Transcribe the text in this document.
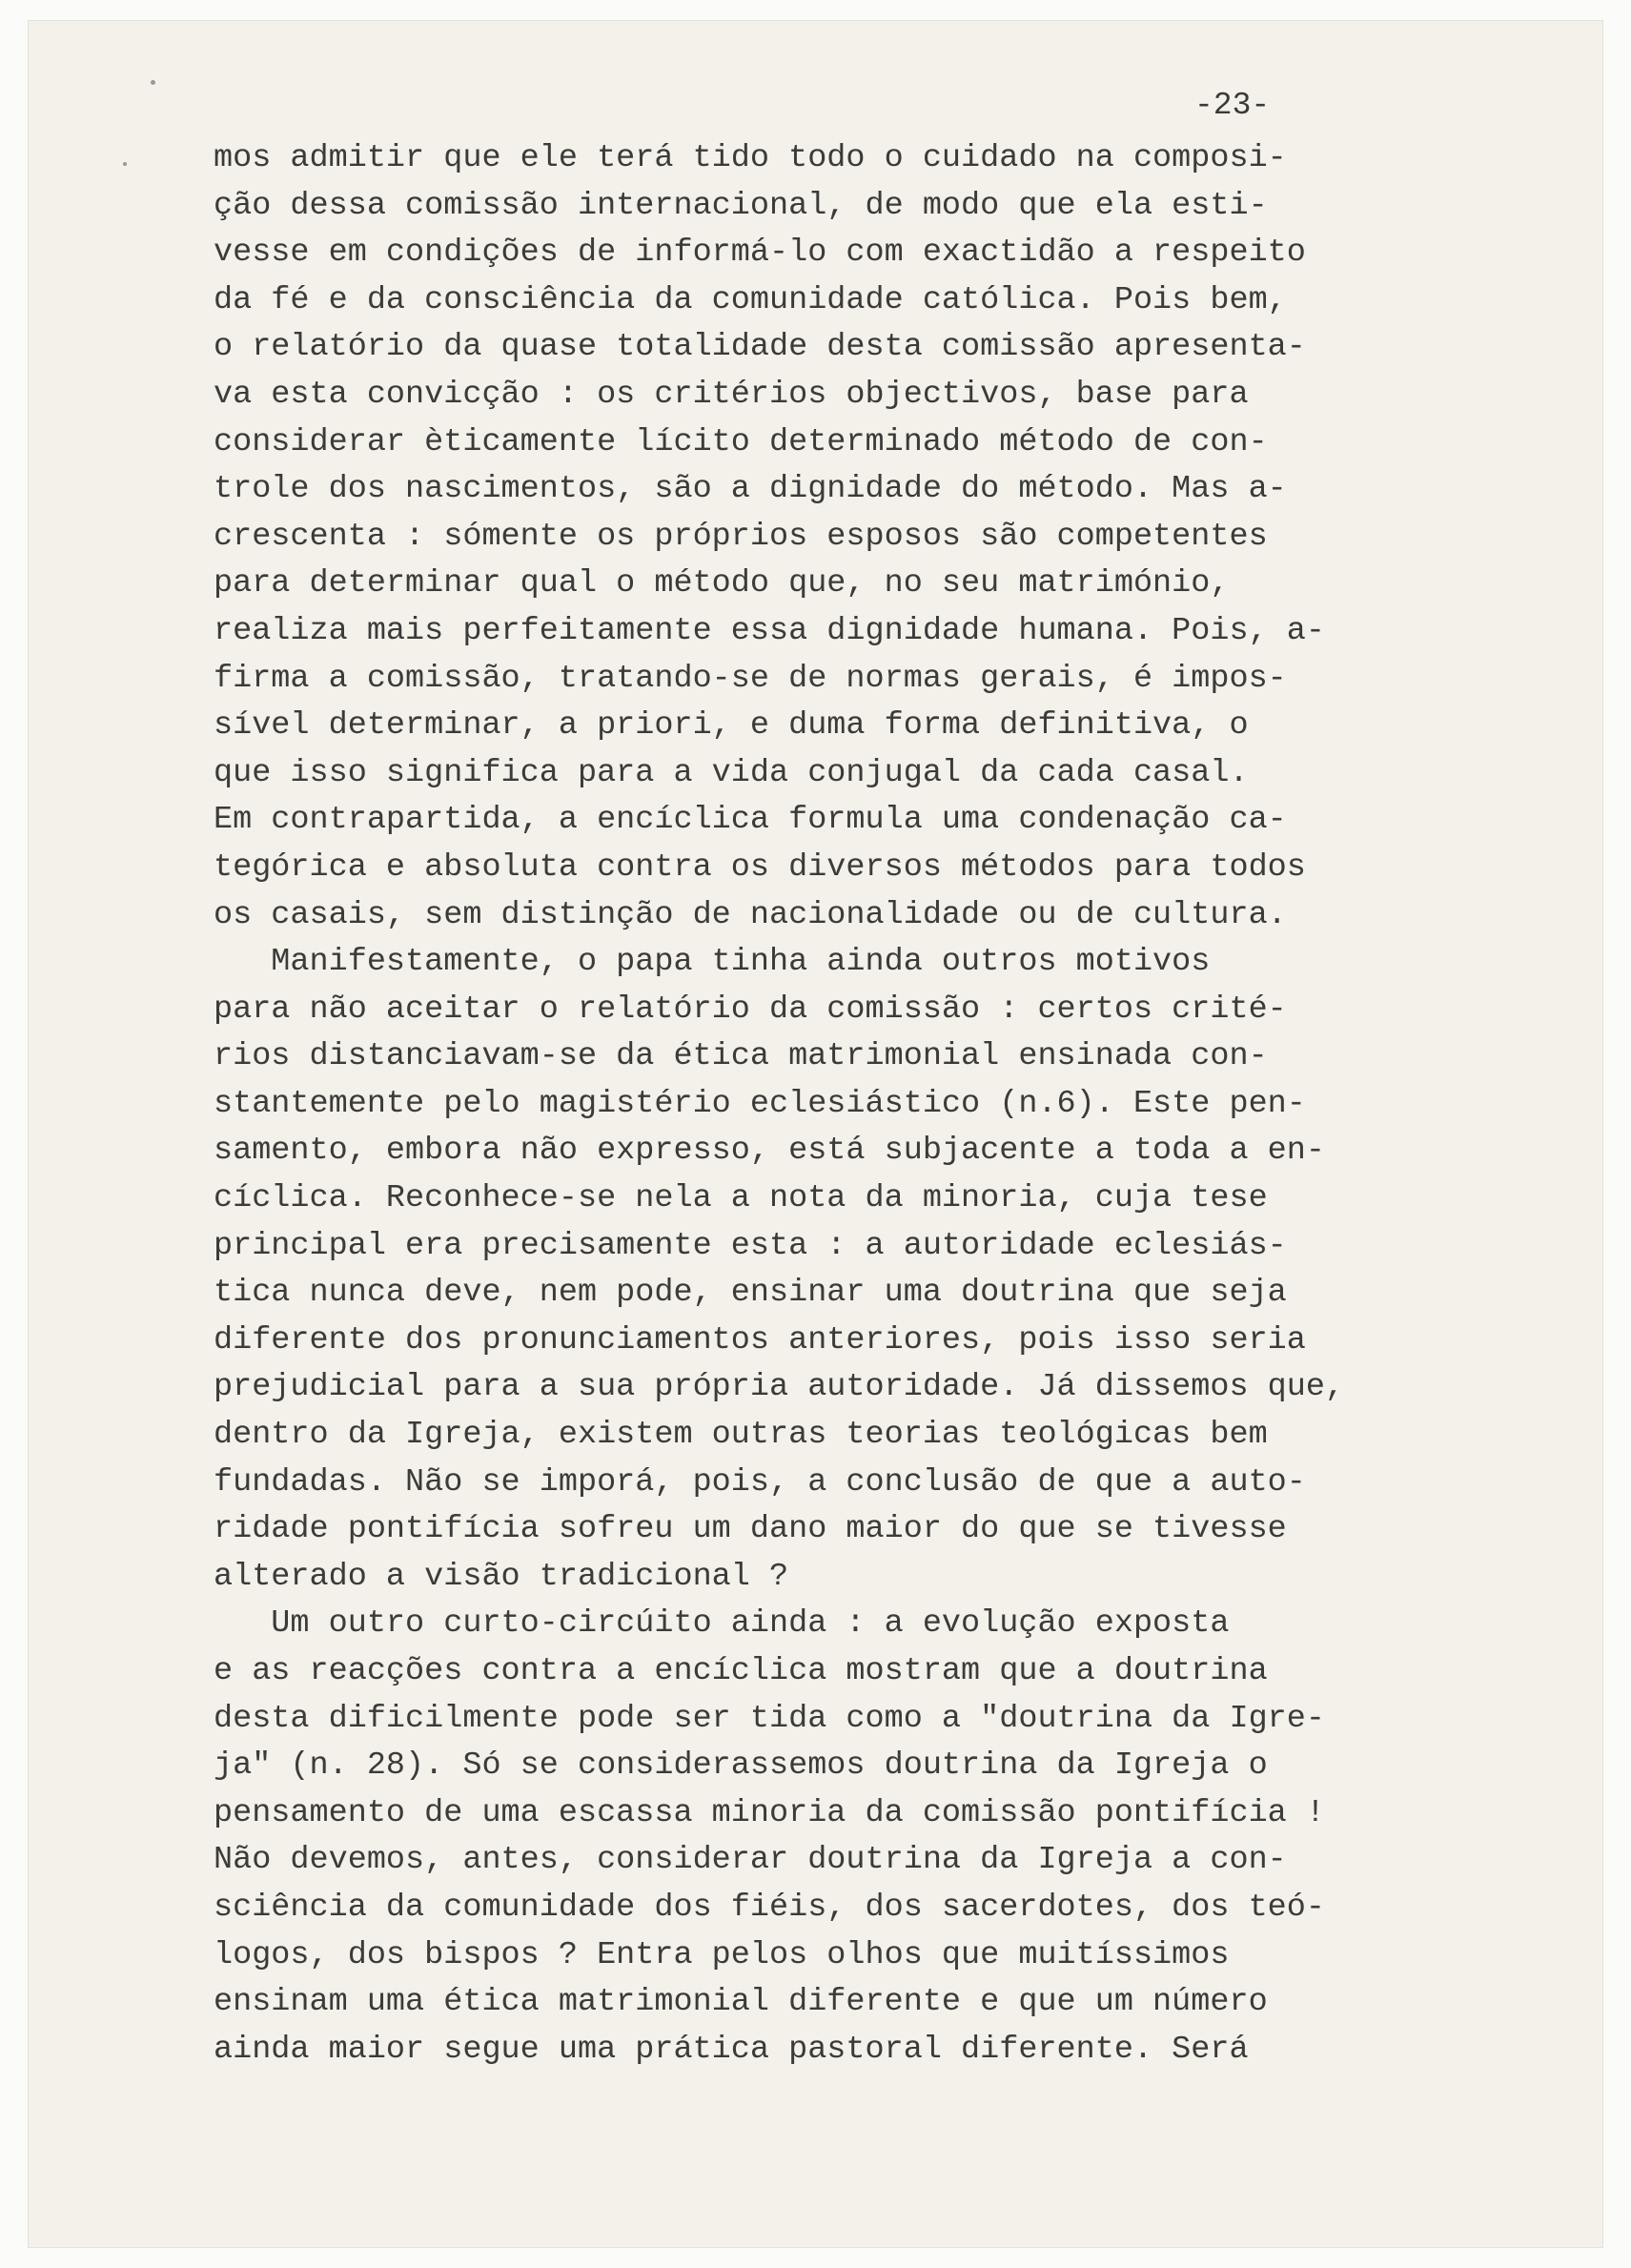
-23-
mos admitir que ele terá tido todo o cuidado na composi-
ção dessa comissão internacional, de modo que ela esti-
vesse em condições de informá-lo com exactidão a respeito
da fé e da consciência da comunidade católica. Pois bem,
o relatório da quase totalidade desta comissão apresenta-
va esta convicção : os critérios objectivos, base para
considerar èticamente lícito determinado método de con-
trole dos nascimentos, são a dignidade do método. Mas a-
crescenta : sómente os próprios esposos são competentes
para determinar qual o método que, no seu matrimónio,
realiza mais perfeitamente essa dignidade humana. Pois, a-
firma a comissão, tratando-se de normas gerais, é impos-
sível determinar, a priori, e duma forma definitiva, o
que isso significa para a vida conjugal da cada casal.
Em contrapartida, a encíclica formula uma condenação ca-
tegórica e absoluta contra os diversos métodos para todos
os casais, sem distinção de nacionalidade ou de cultura.
Manifestamente, o papa tinha ainda outros motivos
para não aceitar o relatório da comissão : certos crité-
rios distanciavam-se da ética matrimonial ensinada con-
stantemente pelo magistério eclesiástico (n.6). Este pen-
samento, embora não expresso, está subjacente a toda a en-
cíclica. Reconhece-se nela a nota da minoria, cuja tese
principal era precisamente esta : a autoridade eclesiás-
tica nunca deve, nem pode, ensinar uma doutrina que seja
diferente dos pronunciamentos anteriores, pois isso seria
prejudicial para a sua própria autoridade. Já dissemos que,
dentro da Igreja, existem outras teorias teológicas bem
fundadas. Não se imporá, pois, a conclusão de que a auto-
ridade pontifícia sofreu um dano maior do que se tivesse
alterado a visão tradicional ?
Um outro curto-circúito ainda : a evolução exposta
e as reacções contra a encíclica mostram que a doutrina
desta dificilmente pode ser tida como a "doutrina da Igre-
ja" (n. 28). Só se considerassemos doutrina da Igreja o
pensamento de uma escassa minoria da comissão pontifícia !
Não devemos, antes, considerar doutrina da Igreja a con-
sciência da comunidade dos fiéis, dos sacerdotes, dos teó-
logos, dos bispos ? Entra pelos olhos que muitíssimos
ensinam uma ética matrimonial diferente e que um número
ainda maior segue uma prática pastoral diferente. Será
